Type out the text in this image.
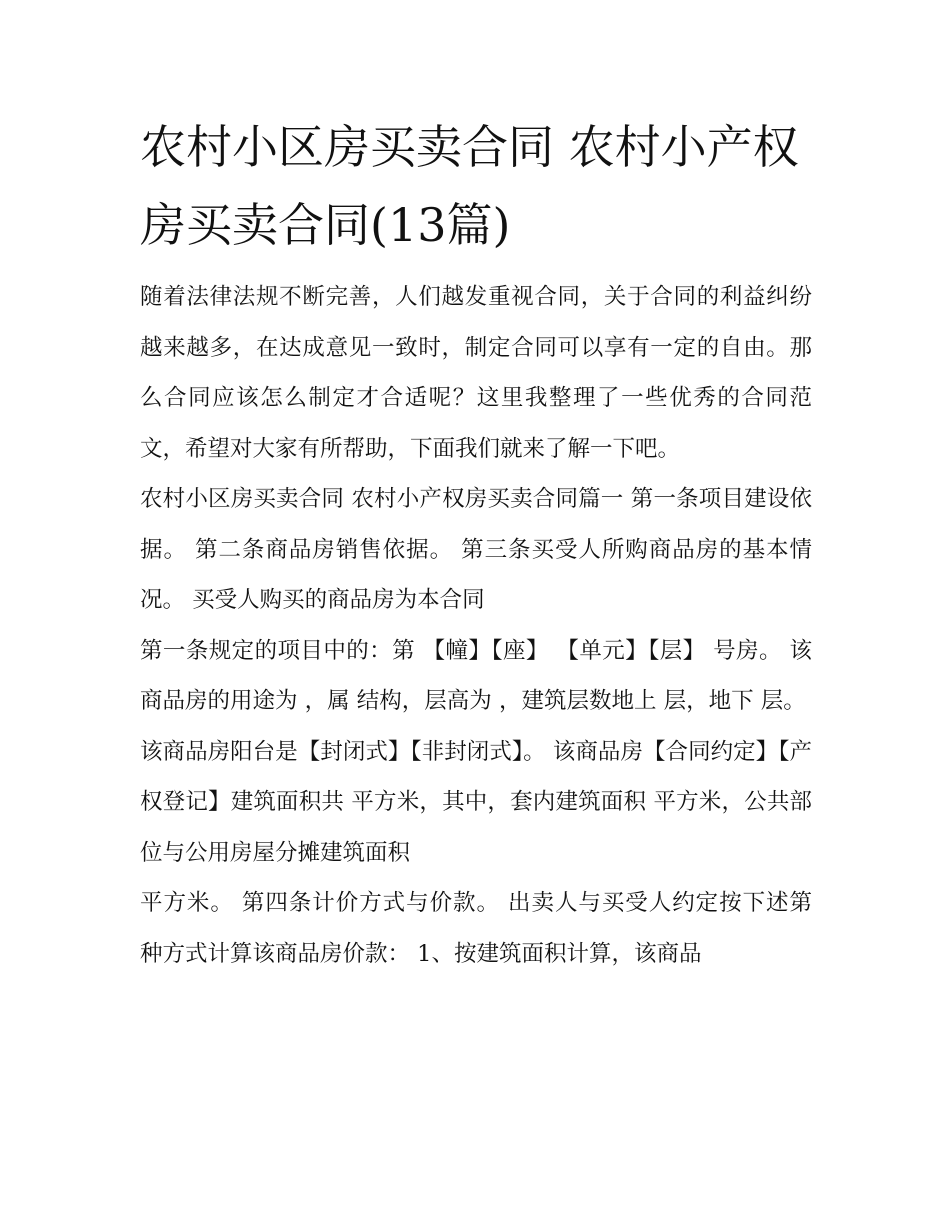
农村小区房买卖合同 农村小产权房买卖合同(13篇)

随着法律法规不断完善，人们越发重视合同，关于合同的利益纠纷越来越多，在达成意见一致时，制定合同可以享有一定的自由。那么合同应该怎么制定才合适呢？这里我整理了一些优秀的合同范文，希望对大家有所帮助，下面我们就来了解一下吧。

农村小区房买卖合同 农村小产权房买卖合同篇一 第一条项目建设依据。 第二条商品房销售依据。 第三条买受人所购商品房的基本情况。 买受人购买的商品房为本合同

第一条规定的项目中的：第 【幢】【座】 【单元】【层】 号房。 该商品房的用途为 ，属 结构，层高为 ，建筑层数地上 层，地下 层。

该商品房阳台是【封闭式】【非封闭式】。 该商品房【合同约定】【产权登记】建筑面积共 平方米，其中，套内建筑面积 平方米，公共部位与公用房屋分摊建筑面积

平方米。 第四条计价方式与价款。 出卖人与买受人约定按下述第 种方式计算该商品房价款： 1、按建筑面积计算，该商品
